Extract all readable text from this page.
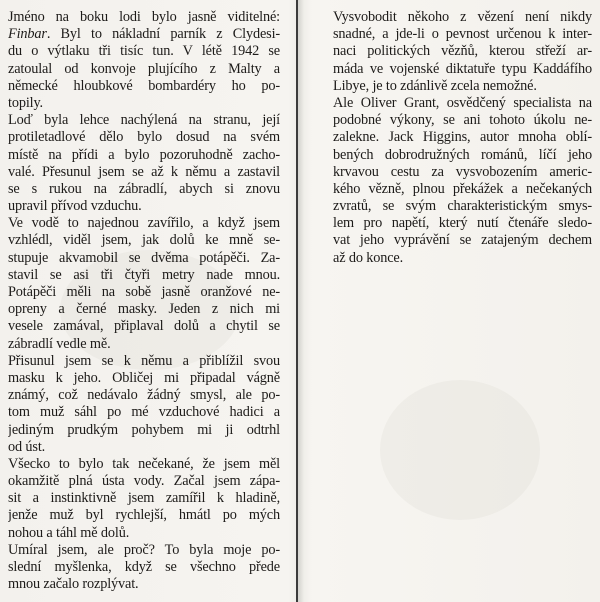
Jméno na boku lodi bylo jasně viditelné:
Finbar. Byl to nákladní parník z Clydesi-
du o výtlaku tři tisíc tun. V létě 1942 se
zatoulal od konvoje plujícího z Malty a
německé hloubkové bombardéry ho po-
topily.
Loď byla lehce nachýlená na stranu, její
protiletadlové dělo bylo dosud na svém
místě na přídi a bylo pozoruhodně zacho-
valé. Přesunul jsem se až k němu a zastavil
se s rukou na zábradlí, abych si znovu
upravil přívod vzduchu.
Ve vodě to najednou zavířilo, a když jsem
vzhlédl, viděl jsem, jak dolů ke mně se-
stupuje akvamobil se dvěma potápěči. Za-
stavil se asi tři čtyři metry nade mnou.
Potápěči měli na sobě jasně oranžové ne-
opreny a černé masky. Jeden z nich mi
vesele zamával, připlaval dolů a chytil se
zábradlí vedle mě.
Přisunul jsem se k němu a přiblížil svou
masku k jeho. Obličej mi připadal vágně
známý, což nedávalo žádný smysl, ale po-
tom muž sáhl po mé vzduchové hadici a
jediným prudkým pohybem mi ji odtrhl
od úst.
Všecko to bylo tak nečekané, že jsem měl
okamžitě plná ústa vody. Začal jsem zápa-
sit a instinktivně jsem zamířil k hladině,
jenže muž byl rychlejší, hmátl po mých
nohou a táhl mě dolů.
Umíral jsem, ale proč? To byla moje po-
slední myšlenka, když se všechno přede
mnou začalo rozplývat.
Vysvobodit někoho z vězení není nikdy
snadné, a jde-li o pevnost určenou k inter-
naci politických vězňů, kterou střeží ar-
máda ve vojenské diktatuře typu Kaddáfího
Libye, je to zdánlivě zcela nemožné.
Ale Oliver Grant, osvědčený specialista na
podobné výkony, se ani tohoto úkolu ne-
zalekne. Jack Higgins, autor mnoha oblí-
bených dobrodružných románů, líčí jeho
krvavou cestu za vysvobozením americ-
kého vězně, plnou překážek a nečekaných
zvratů, se svým charakteristickým smys-
lem pro napětí, který nutí čtenáře sledo-
vat jeho vyprávění se zatajeným dechem
až do konce.
